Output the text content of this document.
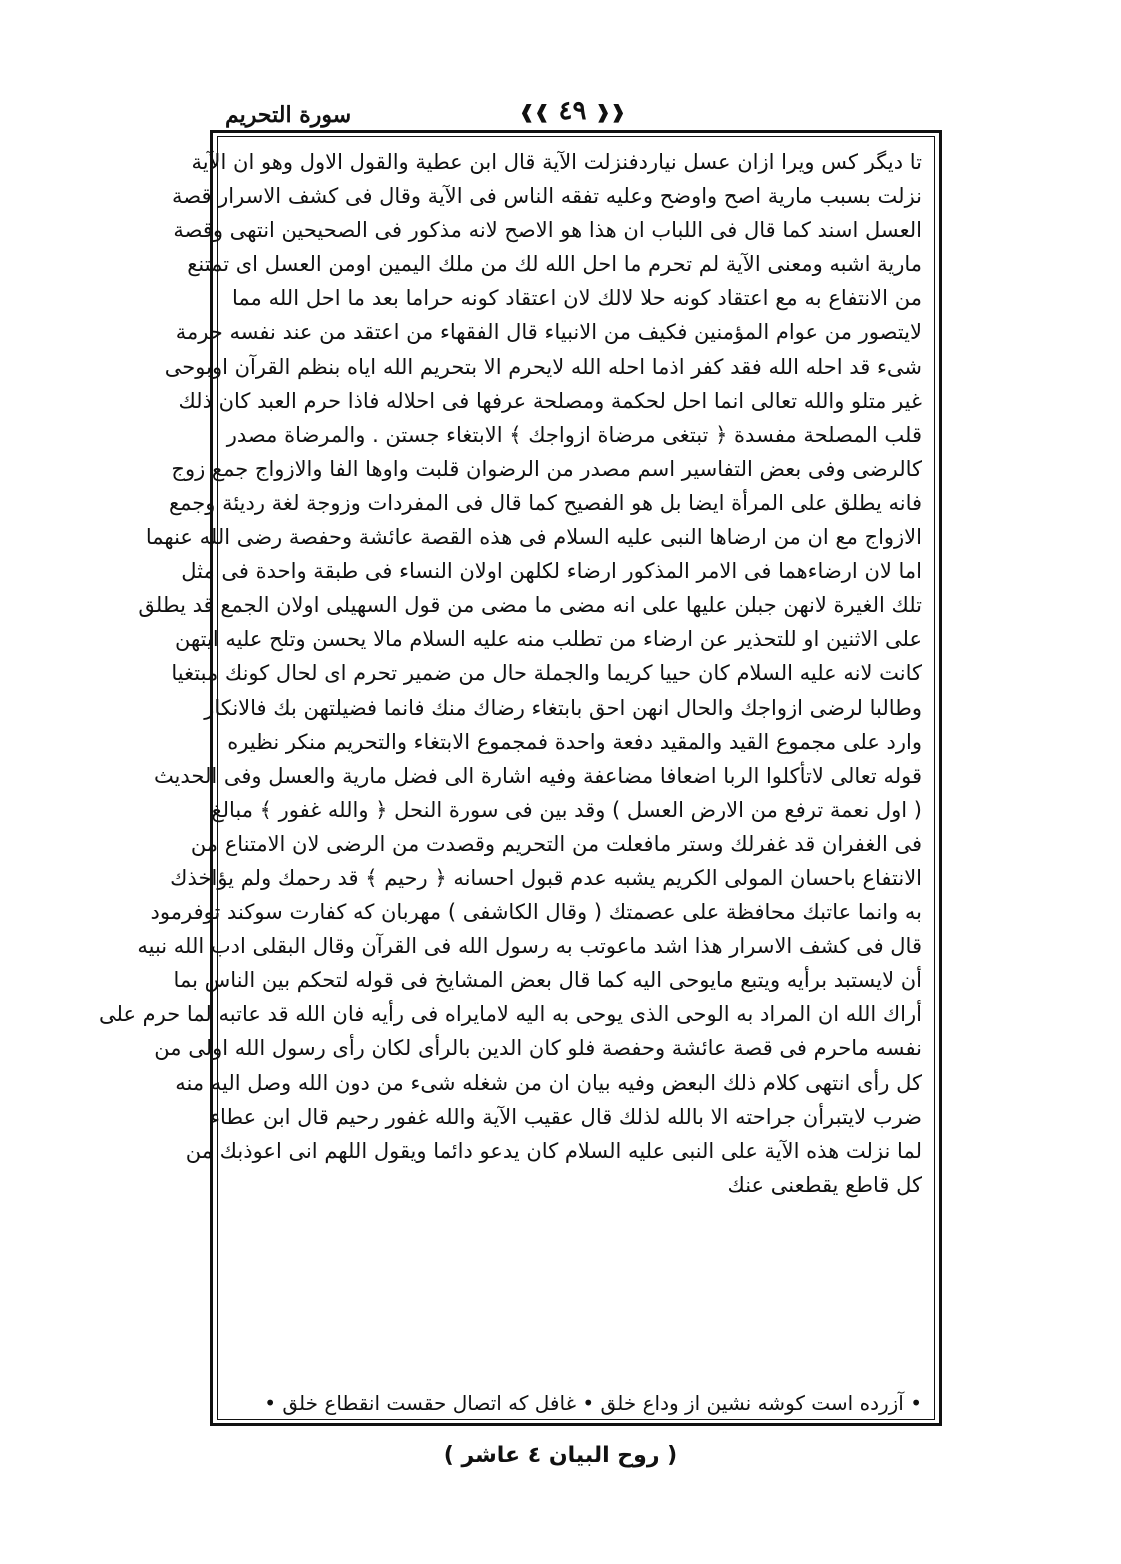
❰❰ ٤٩ ❱❱
سورة التحريم
تا دیگر کس ویرا ازان عسل نیاردفنزلت الآیة قال ابن عطیة والقول الاول وهو ان الآیة
نزلت بسبب ماریة اصح واوضح وعلیه تفقه الناس فی الآیة وقال فی کشف الاسرار قصة
العسل اسند کما قال فی اللباب ان هذا هو الاصح لانه مذکور فی الصحیحین انتهى وقصة
ماریة اشبه ومعنى الآیة لم تحرم ما احل الله لك من ملك الیمین اومن العسل ای تمتنع
من الانتفاع به مع اعتقاد کونه حلا لالك لان اعتقاد کونه حراما بعد ما احل الله مما
لایتصور من عوام المؤمنین فکیف من الانبیاء قال الفقهاء من اعتقد من عند نفسه حرمة
شیء قد احله الله فقد کفر اذما احله الله لایحرم الا بتحریم الله ایاه بنظم القرآن اوبوحی
غیر متلو والله تعالى انما احل لحکمة ومصلحة عرفها فی احلاله فاذا حرم العبد کان ذلك
قلب المصلحة مفسدة ﴿ تبتغی مرضاة ازواجك ﴾ الابتغاء جستن . والمرضاة مصدر
کالرضى وفی بعض التفاسیر اسم مصدر من الرضوان قلبت واوها الفا والازواج جمع زوج
فانه یطلق على المرأة ایضا بل هو الفصیح کما قال فی المفردات وزوجة لغة ردیئة وجمع
الازواج مع ان من ارضاها النبی علیه السلام فی هذه القصة عائشة وحفصة رضی الله عنهما
اما لان ارضاءهما فی الامر المذکور ارضاء لکلهن اولان النساء فی طبقة واحدة فی مثل
تلك الغیرة لانهن جبلن علیها على انه مضى ما مضى من قول السهیلی اولان الجمع قد یطلق
على الاثنین او للتحذیر عن ارضاء من تطلب منه علیه السلام مالا یحسن وتلح علیه ایتهن
کانت لانه علیه السلام کان حییا کریما والجملة حال من ضمیر تحرم ای لحال کونك مبتغیا
وطالبا لرضى ازواجك والحال انهن احق بابتغاء رضاك منك فانما فضیلتهن بك فالانکار
وارد على مجموع القید والمقید دفعة واحدة فمجموع الابتغاء والتحریم منکر نظیره
قوله تعالى لاتأکلوا الربا اضعافا مضاعفة وفیه اشارة الى فضل ماریة والعسل وفی الحدیث
( اول نعمة ترفع من الارض العسل ) وقد بین فی سورة النحل ﴿ والله غفور ﴾ مبالغ
فی الغفران قد غفرلك وستر مافعلت من التحریم وقصدت من الرضى لان الامتناع من
الانتفاع باحسان المولى الکریم یشبه عدم قبول احسانه ﴿ رحیم ﴾ قد رحمك ولم یؤاخذك
به وانما عاتبك محافظة على عصمتك ( وقال الکاشفی ) مهربان که کفارت سوکند توفرمود
قال فی کشف الاسرار هذا اشد ماعوتب به رسول الله فی القرآن وقال البقلی ادب الله نبیه
أن لایستبد برأیه ویتبع مایوحى الیه کما قال بعض المشایخ فی قوله لتحکم بین الناس بما
أراك الله ان المراد به الوحی الذی یوحى به الیه لامایراه فی رأیه فان الله قد عاتبه لما حرم على
نفسه ماحرم فی قصة عائشة وحفصة فلو کان الدین بالرأی لکان رأی رسول الله اولى من
کل رأی انتهى کلام ذلك البعض وفیه بیان ان من شغله شیء من دون الله وصل الیه منه
ضرب لایتبرأن جراحته الا بالله لذلك قال عقیب الآیة والله غفور رحیم قال ابن عطاء
لما نزلت هذه الآیة على النبی علیه السلام کان یدعو دائما ویقول اللهم انی اعوذبك من
کل قاطع یقطعنی عنك
• آزرده است کوشه نشین از وداع خلق • غافل که اتصال حقست انقطاع خلق •
( روح البیان ٤ عاشر )
